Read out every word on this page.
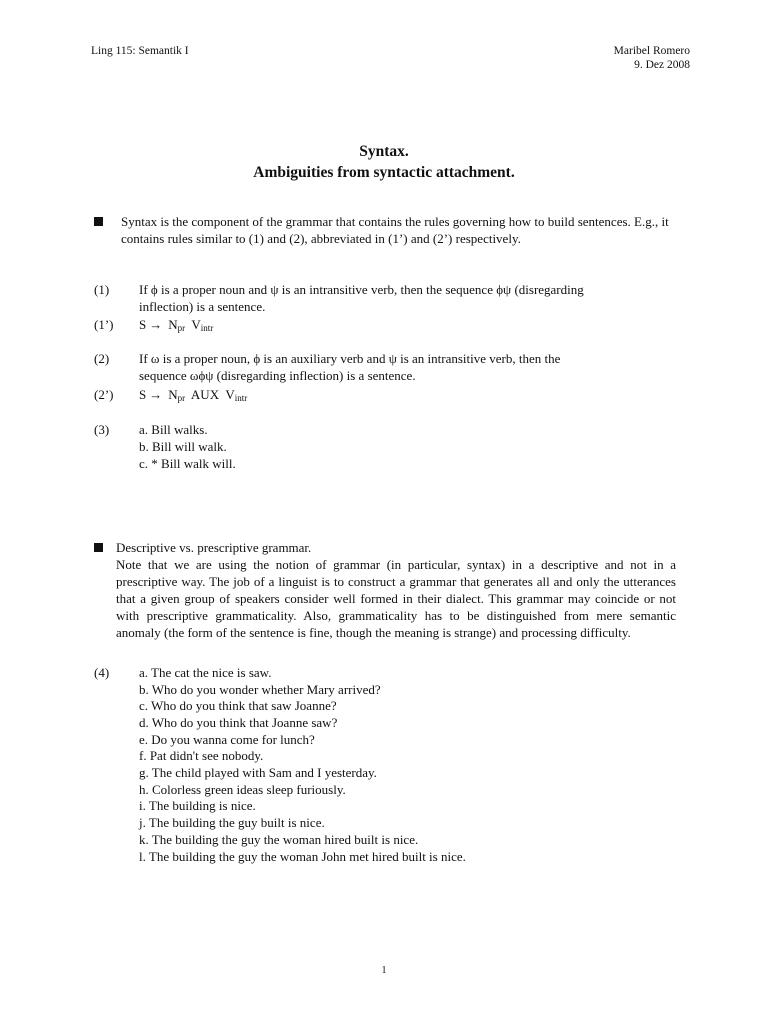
Ling 115: Semantik I	Maribel Romero
9. Dez 2008
Syntax.
Ambiguities from syntactic attachment.
Syntax is the component of the grammar that contains the rules governing how to build sentences. E.g., it contains rules similar to (1) and (2), abbreviated in (1’) and (2’) respectively.
(1) If ϕ is a proper noun and ψ is an intransitive verb, then the sequence ϕψ (disregarding
inflection) is a sentence.
(1’) $S \to N_{pr}$ $V_{intr}$
(2) If ω is a proper noun, ϕ is an auxiliary verb and ψ is an intransitive verb, then the
sequence ωϕψ (disregarding inflection) is a sentence.
(2’) $S \to N_{pr}$ AUX $V_{intr}$
(3) a. Bill walks.
b. Bill will walk.
c. * Bill walk will.
Descriptive vs. prescriptive grammar.
Note that we are using the notion of grammar (in particular, syntax) in a descriptive and not in a prescriptive way. The job of a linguist is to construct a grammar that generates all and only the utterances that a given group of speakers consider well formed in their dialect. This grammar may coincide or not with prescriptive grammaticality. Also, grammaticality has to be distinguished from mere semantic anomaly (the form of the sentence is fine, though the meaning is strange) and processing difficulty.
(4) a. The cat the nice is saw.
b. Who do you wonder whether Mary arrived?
c. Who do you think that saw Joanne?
d. Who do you think that Joanne saw?
e. Do you wanna come for lunch?
f. Pat didn't see nobody.
g. The child played with Sam and I yesterday.
h. Colorless green ideas sleep furiously.
i. The building is nice.
j. The building the guy built is nice.
k. The building the guy the woman hired built is nice.
l. The building the guy the woman John met hired built is nice.
1
